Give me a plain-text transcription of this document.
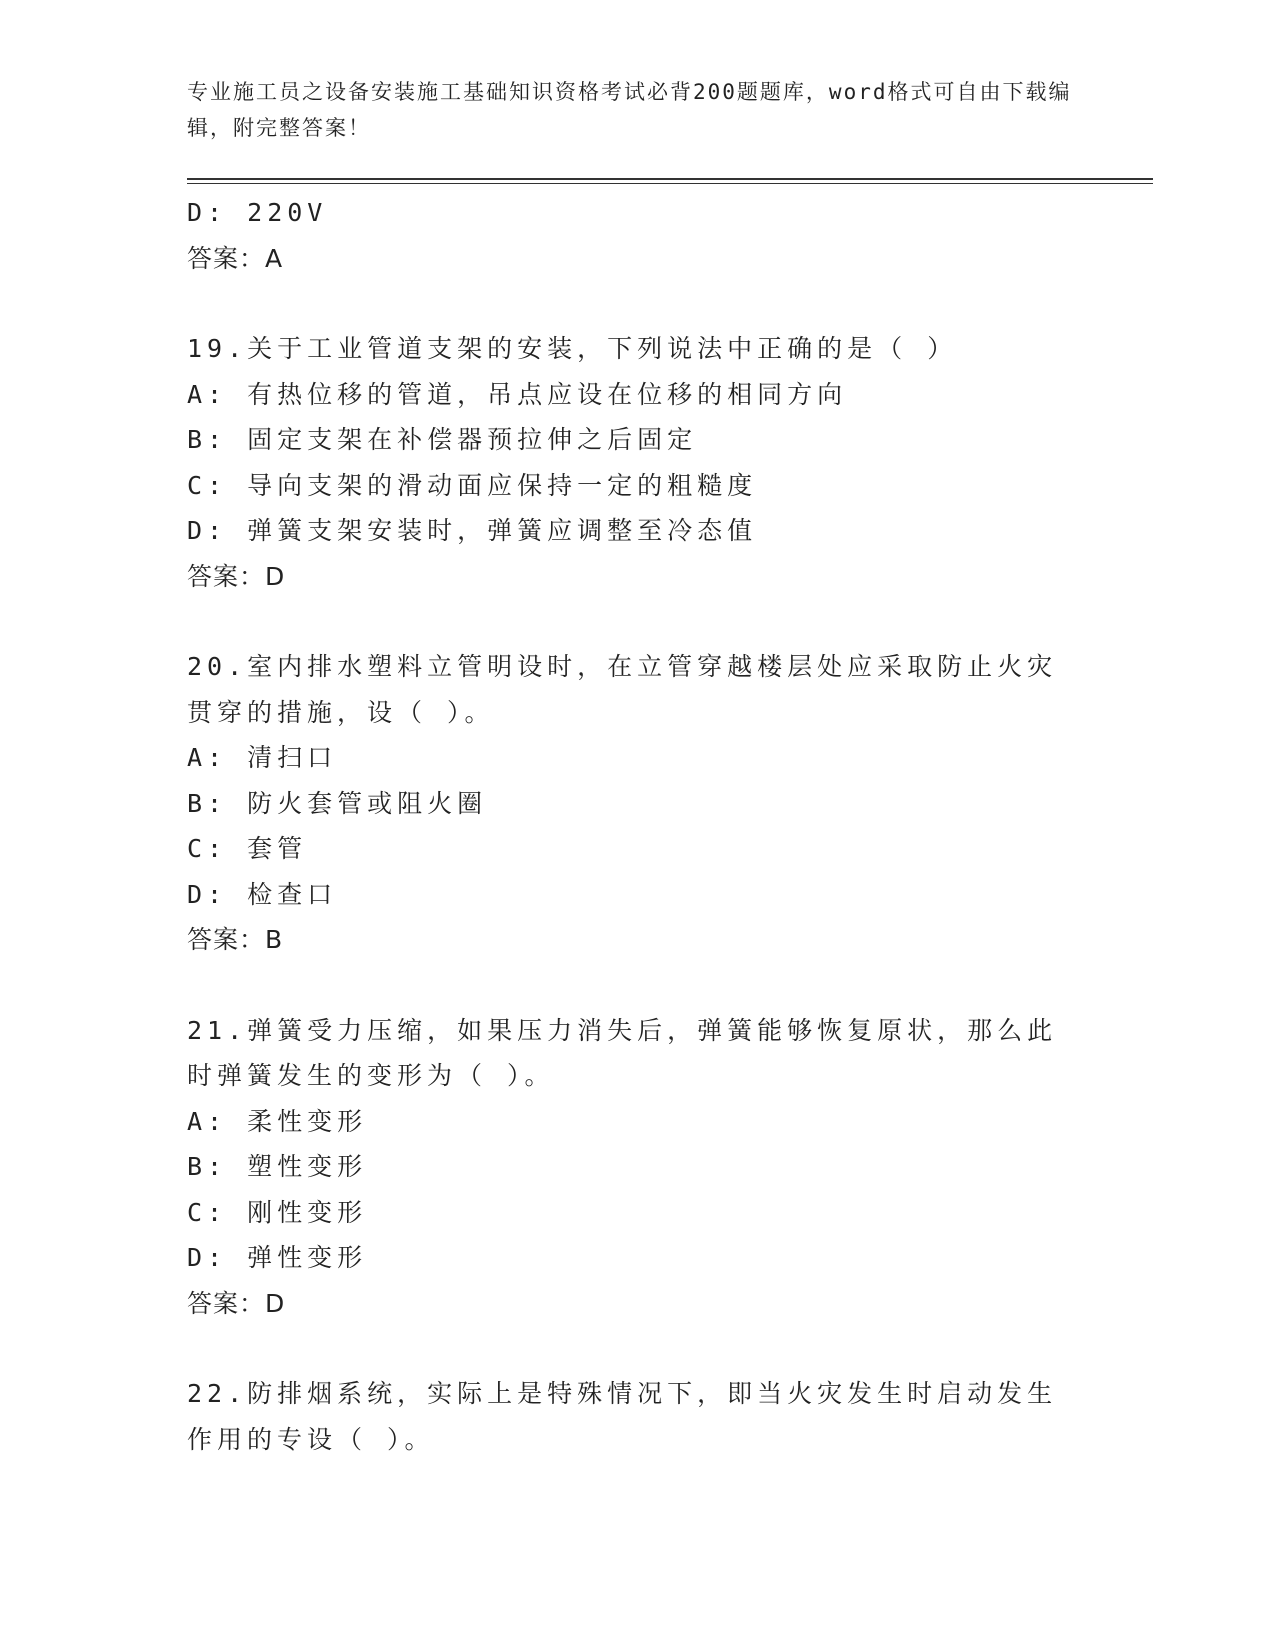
专业施工员之设备安装施工基础知识资格考试必背200题题库，word格式可自由下载编辑，附完整答案！
D: 220V
答案：A
19.关于工业管道支架的安装，下列说法中正确的是（ ）
A: 有热位移的管道，吊点应设在位移的相同方向
B: 固定支架在补偿器预拉伸之后固定
C: 导向支架的滑动面应保持一定的粗糙度
D: 弹簧支架安装时，弹簧应调整至冷态值
答案：D
20.室内排水塑料立管明设时，在立管穿越楼层处应采取防止火灾贯穿的措施，设（ ）。
A: 清扫口
B: 防火套管或阻火圈
C: 套管
D: 检查口
答案：B
21.弹簧受力压缩，如果压力消失后，弹簧能够恢复原状，那么此时弹簧发生的变形为（ ）。
A: 柔性变形
B: 塑性变形
C: 刚性变形
D: 弹性变形
答案：D
22.防排烟系统，实际上是特殊情况下，即当火灾发生时启动发生作用的专设（ ）。
